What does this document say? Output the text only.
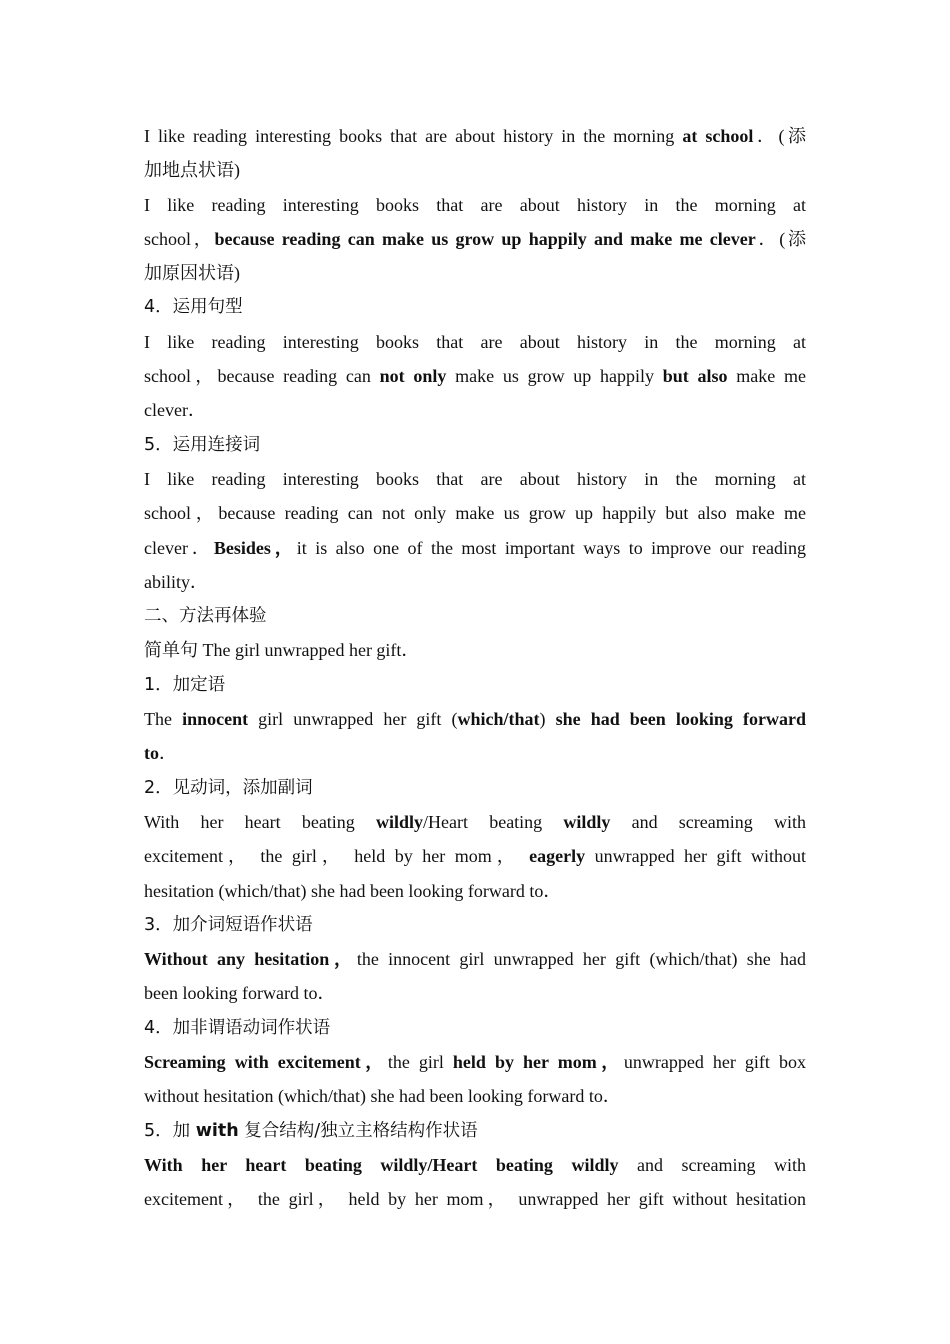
I like reading interesting books that are about history in the morning at school．(添
加地点状语)
I like reading interesting books that are about history in the morning at
school，because reading can make us grow up happily and make me clever．(添
加原因状语)
4．运用句型
I like reading interesting books that are about history in the morning at
school，because reading can not only make us grow up happily but also make me
clever．
5．运用连接词
I like reading interesting books that are about history in the morning at
school，because reading can not only make us grow up happily but also make me
clever．Besides，it is also one of the most important ways to improve our reading
ability．
二、方法再体验
简单句 The girl unwrapped her gift．
1．加定语
The innocent girl unwrapped her gift (which/that) she had been looking forward
to．
2．见动词，添加副词
With her heart beating wildly/Heart beating wildly and screaming with
excitement， the girl， held by her mom， eagerly unwrapped her gift without
hesitation (which/that) she had been looking forward to．
3．加介词短语作状语
Without any hesitation，the innocent girl unwrapped her gift (which/that) she had
been looking forward to．
4．加非谓语动词作状语
Screaming with excitement，the girl held by her mom，unwrapped her gift box
without hesitation (which/that) she had been looking forward to．
5．加 with 复合结构/独立主格结构作状语
With her heart beating wildly/Heart beating wildly and screaming with
excitement， the girl， held by her mom， unwrapped her gift without hesitation
